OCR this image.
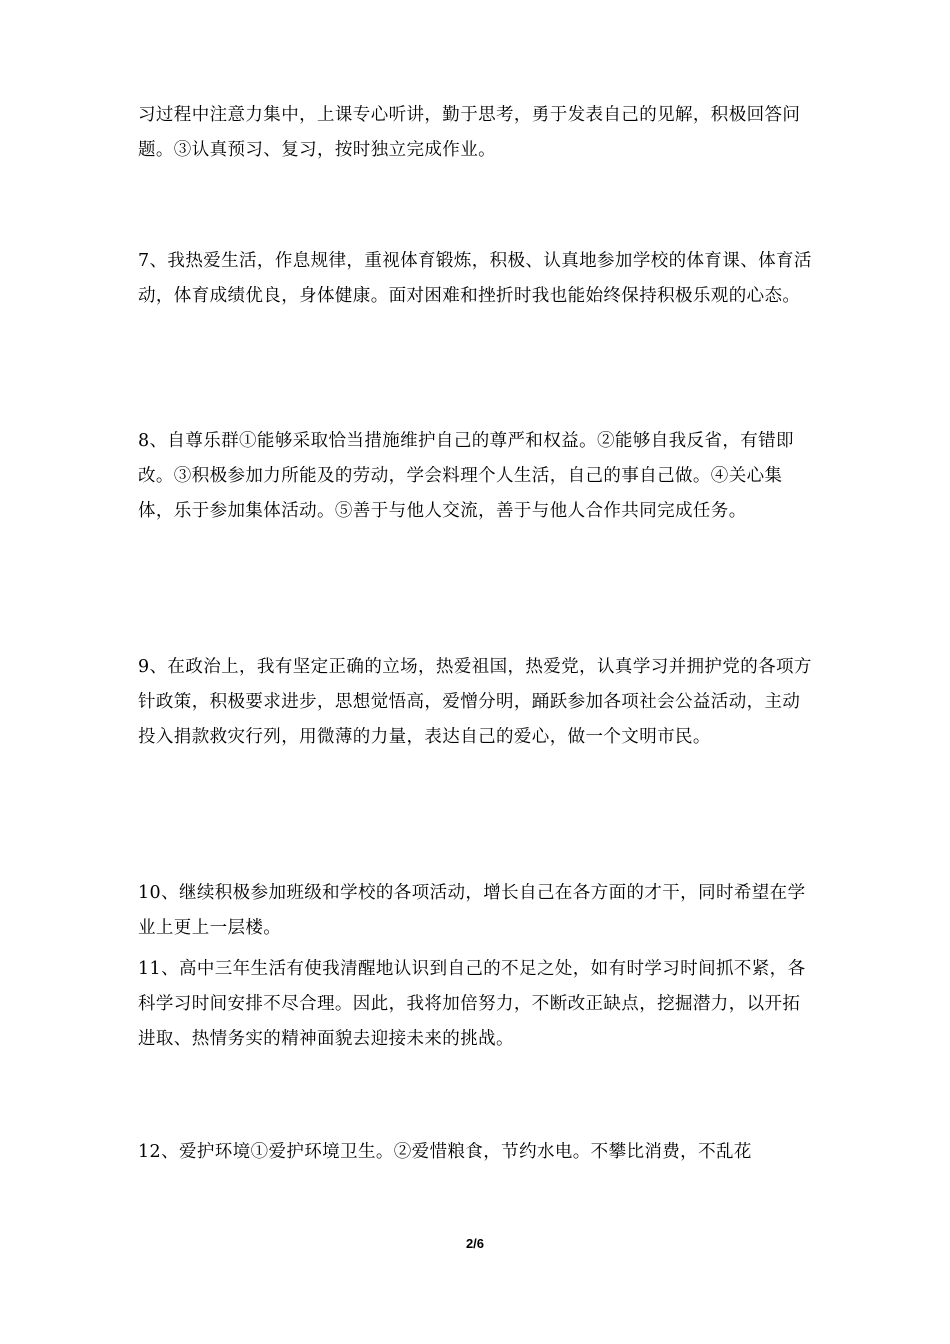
习过程中注意力集中，上课专心听讲，勤于思考，勇于发表自己的见解，积极回答问题。③认真预习、复习，按时独立完成作业。

7、我热爱生活，作息规律，重视体育锻炼，积极、认真地参加学校的体育课、体育活动，体育成绩优良，身体健康。面对困难和挫折时我也能始终保持积极乐观的心态。

8、自尊乐群①能够采取恰当措施维护自己的尊严和权益。②能够自我反省，有错即改。③积极参加力所能及的劳动，学会料理个人生活，自己的事自己做。④关心集体，乐于参加集体活动。⑤善于与他人交流，善于与他人合作共同完成任务。

9、在政治上，我有坚定正确的立场，热爱祖国，热爱党，认真学习并拥护党的各项方针政策，积极要求进步，思想觉悟高，爱憎分明，踊跃参加各项社会公益活动，主动投入捐款救灾行列，用微薄的力量，表达自己的爱心，做一个文明市民。

10、继续积极参加班级和学校的各项活动，增长自己在各方面的才干，同时希望在学业上更上一层楼。

11、高中三年生活有使我清醒地认识到自己的不足之处，如有时学习时间抓不紧，各科学习时间安排不尽合理。因此，我将加倍努力，不断改正缺点，挖掘潜力，以开拓进取、热情务实的精神面貌去迎接未来的挑战。

12、爱护环境①爱护环境卫生。②爱惜粮食，节约水电。不攀比消费，不乱花

2/6
